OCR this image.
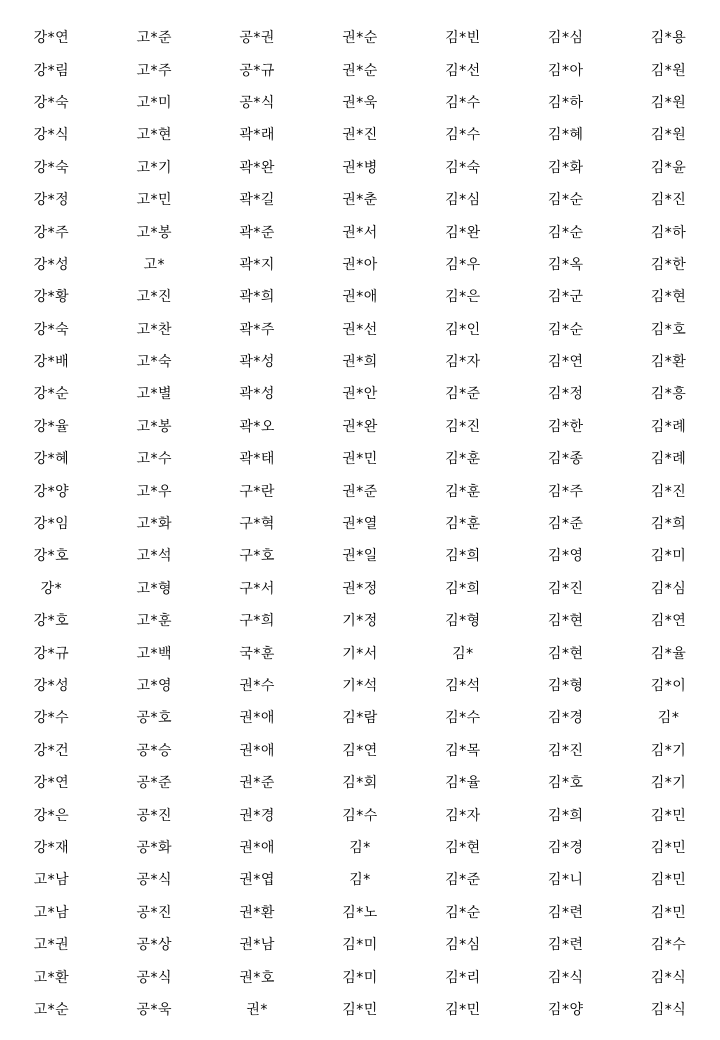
강*연	고*준	공*권	권*순	김*빈	김*심	김*용
강*림	고*주	공*규	권*순	김*선	김*아	김*원
강*숙	고*미	공*식	권*욱	김*수	김*하	김*원
강*식	고*현	곽*래	권*진	김*수	김*혜	김*원
강*숙	고*기	곽*완	권*병	김*숙	김*화	김*윤
강*정	고*민	곽*길	권*춘	김*심	김*순	김*진
강*주	고*봉	곽*준	권*서	김*완	김*순	김*하
강*성	고*	곽*지	권*아	김*우	김*옥	김*한
강*황	고*진	곽*희	권*애	김*은	김*군	김*현
강*숙	고*찬	곽*주	권*선	김*인	김*순	김*호
강*배	고*숙	곽*성	권*희	김*자	김*연	김*환
강*순	고*별	곽*성	권*안	김*준	김*정	김*흥
강*율	고*봉	곽*오	권*완	김*진	김*한	김*례
강*혜	고*수	곽*태	권*민	김*훈	김*종	김*례
강*양	고*우	구*란	권*준	김*훈	김*주	김*진
강*임	고*화	구*혁	권*열	김*훈	김*준	김*희
강*호	고*석	구*호	권*일	김*희	김*영	김*미
강*	고*형	구*서	권*정	김*희	김*진	김*심
강*호	고*훈	구*희	기*정	김*형	김*현	김*연
강*규	고*백	국*훈	기*서	김*	김*현	김*율
강*성	고*영	권*수	기*석	김*석	김*형	김*이
강*수	공*호	권*애	김*람	김*수	김*경	김*
강*건	공*승	권*애	김*연	김*목	김*진	김*기
강*연	공*준	권*준	김*회	김*율	김*호	김*기
강*은	공*진	권*경	김*수	김*자	김*희	김*민
강*재	공*화	권*애	김*	김*현	김*경	김*민
고*남	공*식	권*엽	김*	김*준	김*니	김*민
고*남	공*진	권*환	김*노	김*순	김*련	김*민
고*권	공*상	권*남	김*미	김*심	김*련	김*수
고*환	공*식	권*호	김*미	김*리	김*식	김*식
고*순	공*욱	권*	김*민	김*민	김*양	김*식
